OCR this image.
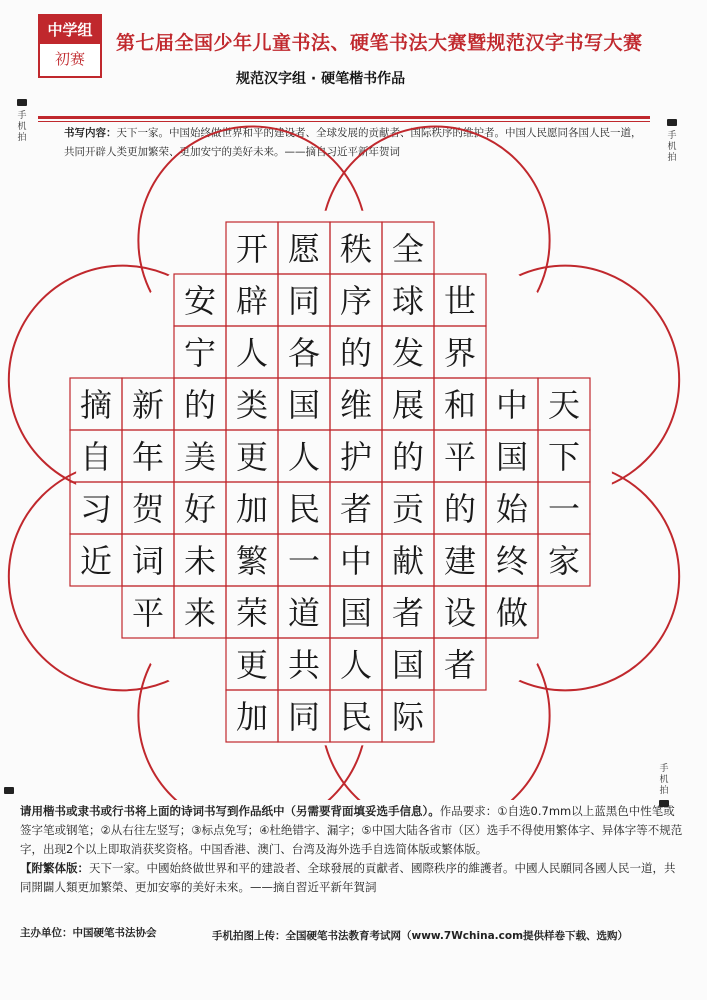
中学组
初赛
第七届全国少年儿童书法、硬笔书法大赛暨规范汉字书写大赛
规范汉字组 · 硬笔楷书作品
手机拍	手机拍
手机拍
书写内容：天下一家。中国始终做世界和平的建设者、全球发展的贡献者、国际秩序的维护者。中国人民愿同各国人民一道，共同开辟人类更加繁荣、更加安宁的美好未来。——摘自习近平新年贺词
天
下
一
家
中
国
始
终
做
世
界
和
平
的
建
设
者
全
球
发
展
的
贡
献
者
国
际
秩
序
的
维
护
者
中
国
人
民
愿
同
各
国
人
民
一
道
共
同
开
辟
人
类
更
加
繁
荣
更
加
安
宁
的
美
好
未
来
新
年
贺
词
平
摘
自
习
近
请用楷书或隶书或行书将上面的诗词书写到作品纸中（另需要背面填妥选手信息）。作品要求：①自选0.7mm以上蓝黑色中性笔或签字笔或钢笔；②从右往左竖写；③标点免写；④杜绝错字、漏字；⑤中国大陆各省市（区）选手不得使用繁体字、异体字等不规范字，出现2个以上即取消获奖资格。中国香港、澳门、台湾及海外选手自选简体版或繁体版。
【附繁体版：天下一家。中國始終做世界和平的建設者、全球發展的貢獻者、國際秩序的維護者。中國人民願同各國人民一道，共同開闢人類更加繁榮、更加安寧的美好未來。——摘自習近平新年賀詞
主办单位：中国硬笔书法协会	手机拍图上传：全国硬笔书法教育考试网（www.7Wchina.com提供样卷下载、选购）
